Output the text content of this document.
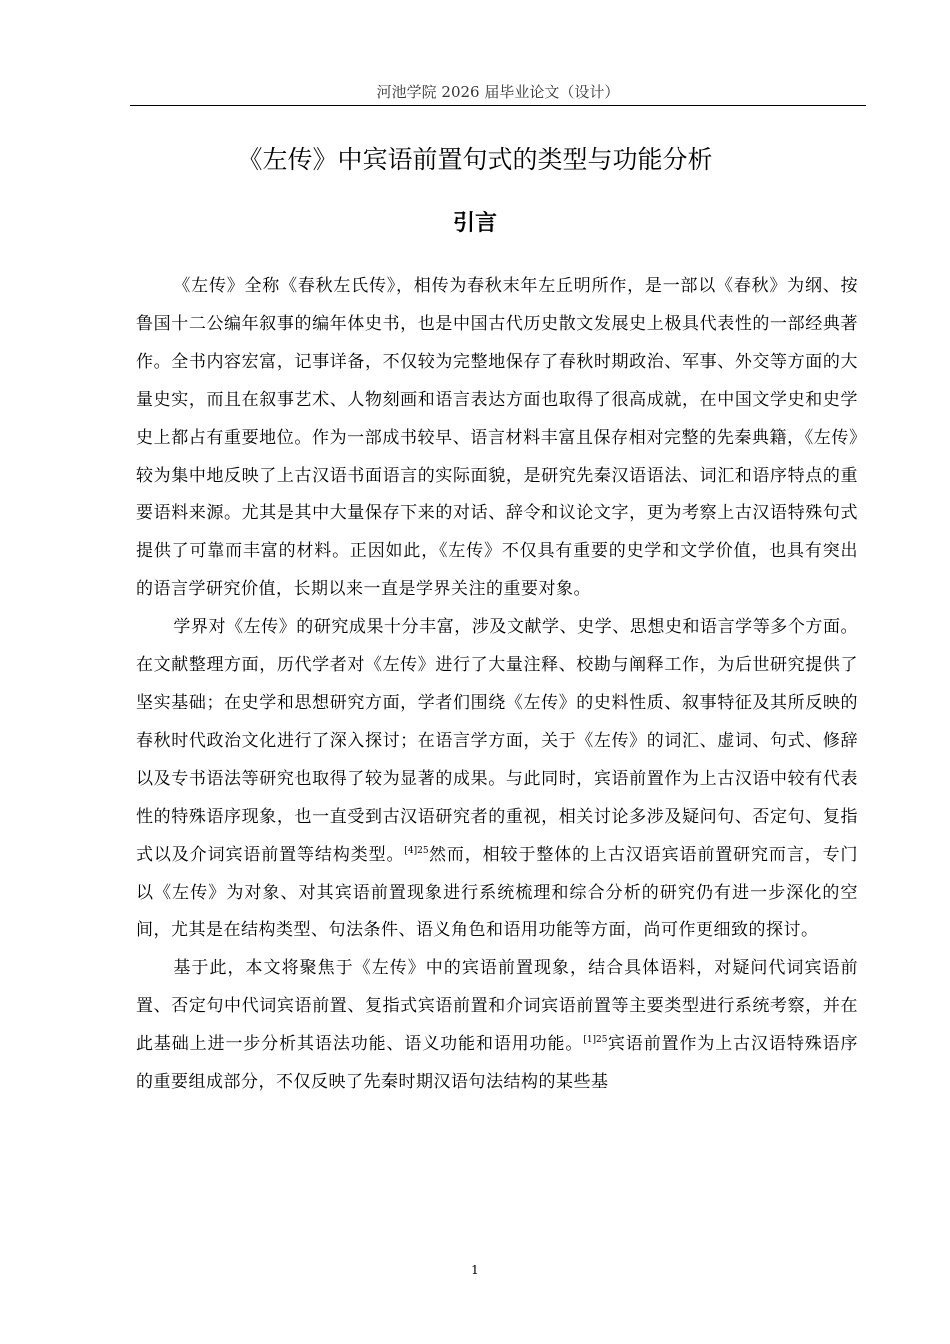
河池学院 2026 届毕业论文（设计）
《左传》中宾语前置句式的类型与功能分析
引言

《左传》全称《春秋左氏传》，相传为春秋末年左丘明所作，是一部以《春秋》为纲、按鲁国十二公编年叙事的编年体史书，也是中国古代历史散文发展史上极具代表性的一部经典著作。全书内容宏富，记事详备，不仅较为完整地保存了春秋时期政治、军事、外交等方面的大量史实，而且在叙事艺术、人物刻画和语言表达方面也取得了很高成就，在中国文学史和史学史上都占有重要地位。作为一部成书较早、语言材料丰富且保存相对完整的先秦典籍，《左传》较为集中地反映了上古汉语书面语言的实际面貌，是研究先秦汉语语法、词汇和语序特点的重要语料来源。尤其是其中大量保存下来的对话、辞令和议论文字，更为考察上古汉语特殊句式提供了可靠而丰富的材料。正因如此，《左传》不仅具有重要的史学和文学价值，也具有突出的语言学研究价值，长期以来一直是学界关注的重要对象。

学界对《左传》的研究成果十分丰富，涉及文献学、史学、思想史和语言学等多个方面。在文献整理方面，历代学者对《左传》进行了大量注释、校勘与阐释工作，为后世研究提供了坚实基础；在史学和思想研究方面，学者们围绕《左传》的史料性质、叙事特征及其所反映的春秋时代政治文化进行了深入探讨；在语言学方面，关于《左传》的词汇、虚词、句式、修辞以及专书语法等研究也取得了较为显著的成果。与此同时，宾语前置作为上古汉语中较有代表性的特殊语序现象，也一直受到古汉语研究者的重视，相关讨论多涉及疑问句、否定句、复指式以及介词宾语前置等结构类型。$^{[4]25}$然而，相较于整体的上古汉语宾语前置研究而言，专门以《左传》为对象、对其宾语前置现象进行系统梳理和综合分析的研究仍有进一步深化的空间，尤其是在结构类型、句法条件、语义角色和语用功能等方面，尚可作更细致的探讨。

基于此，本文将聚焦于《左传》中的宾语前置现象，结合具体语料，对疑问代词宾语前置、否定句中代词宾语前置、复指式宾语前置和介词宾语前置等主要类型进行系统考察，并在此基础上进一步分析其语法功能、语义功能和语用功能。$^{[1]25}$宾语前置作为上古汉语特殊语序的重要组成部分，不仅反映了先秦时期汉语句法结构的某些基

1
